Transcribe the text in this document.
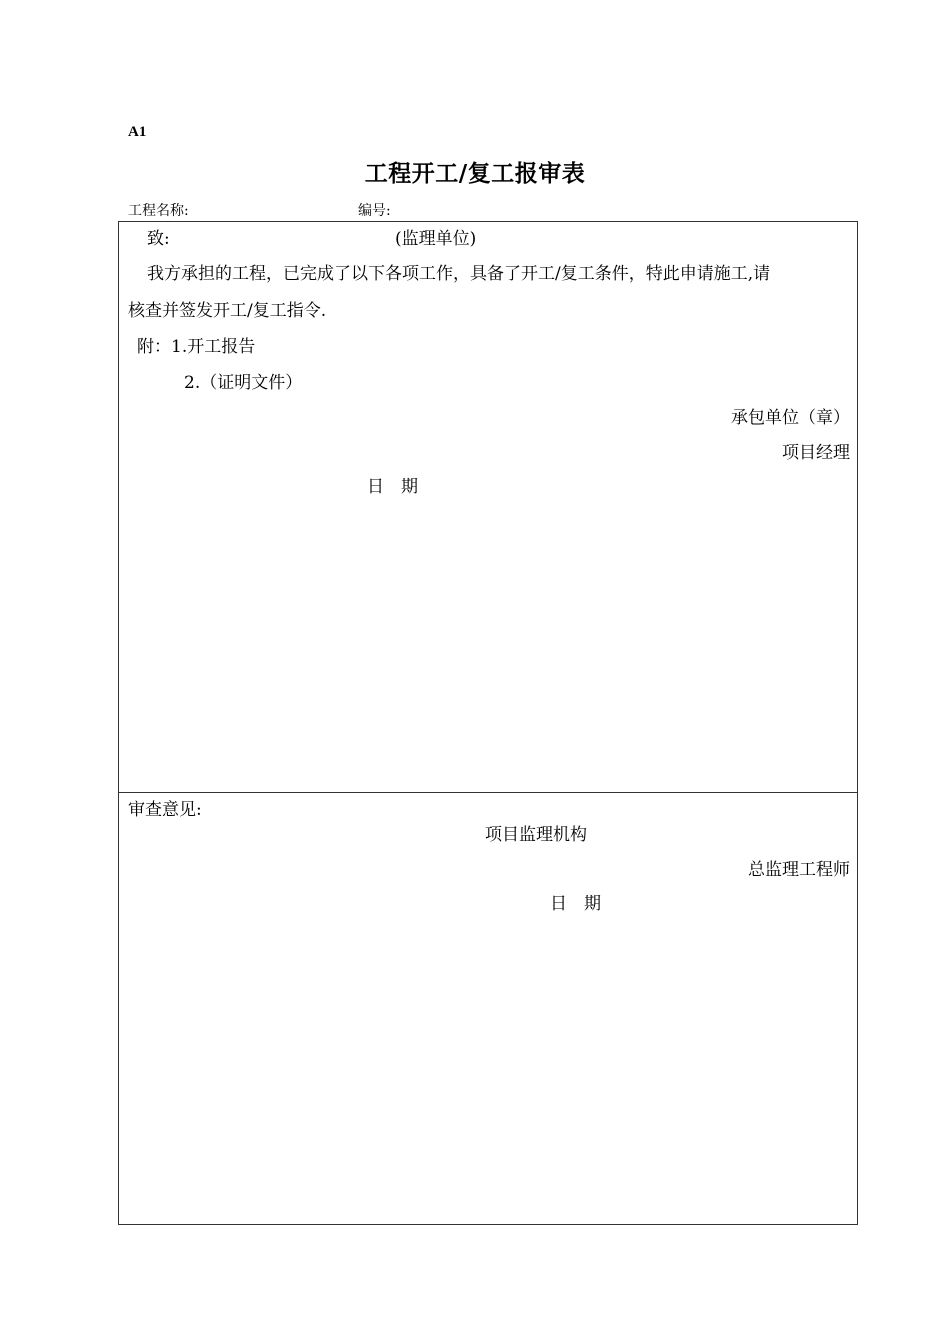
A1
工程开工/复工报审表
工程名称:	编号:
致:	(监理单位)
我方承担的工程，已完成了以下各项工作，具备了开工/复工条件，特此申请施工,请
核查并签发开工/复工指令.
附：1.开工报告
2.（证明文件）
承包单位（章）
项目经理
日　期
审查意见:
项目监理机构
总监理工程师
日　期
